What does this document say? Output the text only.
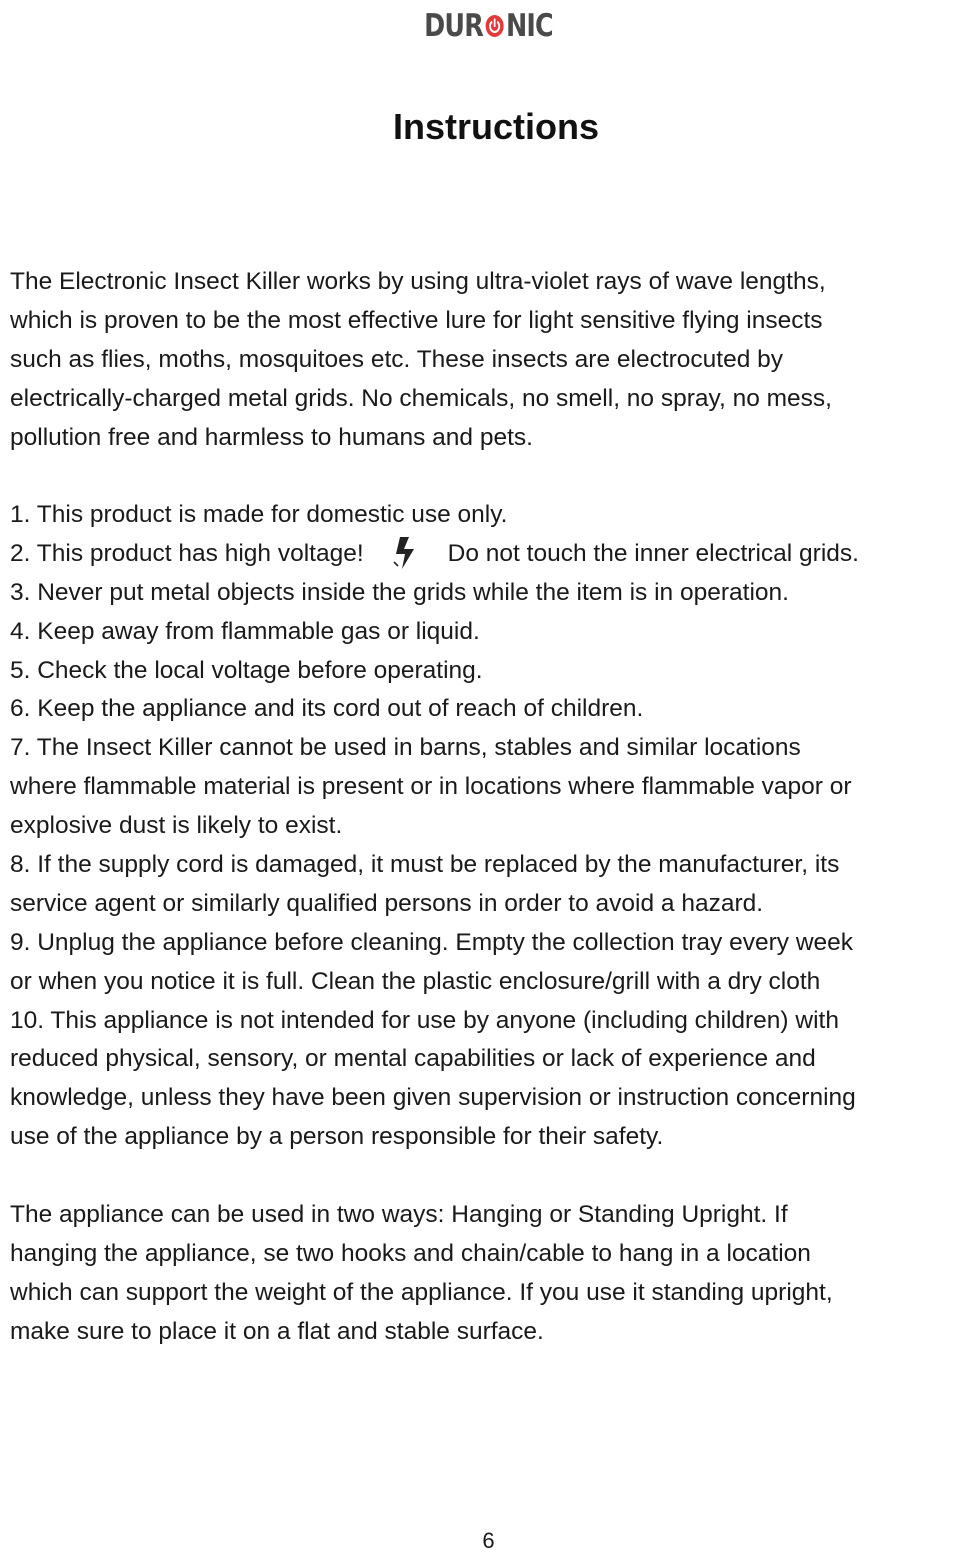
DUR NIC
Instructions
The Electronic Insect Killer works by using ultra-violet rays of wave lengths,
which is proven to be the most effective lure for light sensitive flying insects
such as flies, moths, mosquitoes etc. These insects are electrocuted by
electrically-charged metal grids. No chemicals, no smell, no spray, no mess,
pollution free and harmless to humans and pets.
1. This product is made for domestic use only.
2. This product has high voltage!	Do not touch the inner electrical grids.
3. Never put metal objects inside the grids while the item is in operation.
4. Keep away from flammable gas or liquid.
5. Check the local voltage before operating.
6. Keep the appliance and its cord out of reach of children.
7. The Insect Killer cannot be used in barns, stables and similar locations
where flammable material is present or in locations where flammable vapor or
explosive dust is likely to exist.
8. If the supply cord is damaged, it must be replaced by the manufacturer, its
service agent or similarly qualified persons in order to avoid a hazard.
9. Unplug the appliance before cleaning. Empty the collection tray every week
or when you notice it is full. Clean the plastic enclosure/grill with a dry cloth
10. This appliance is not intended for use by anyone (including children) with
reduced physical, sensory, or mental capabilities or lack of experience and
knowledge, unless they have been given supervision or instruction concerning
use of the appliance by a person responsible for their safety.
The appliance can be used in two ways: Hanging or Standing Upright. If
hanging the appliance, se two hooks and chain/cable to hang in a location
which can support the weight of the appliance. If you use it standing upright,
make sure to place it on a flat and stable surface.
6
